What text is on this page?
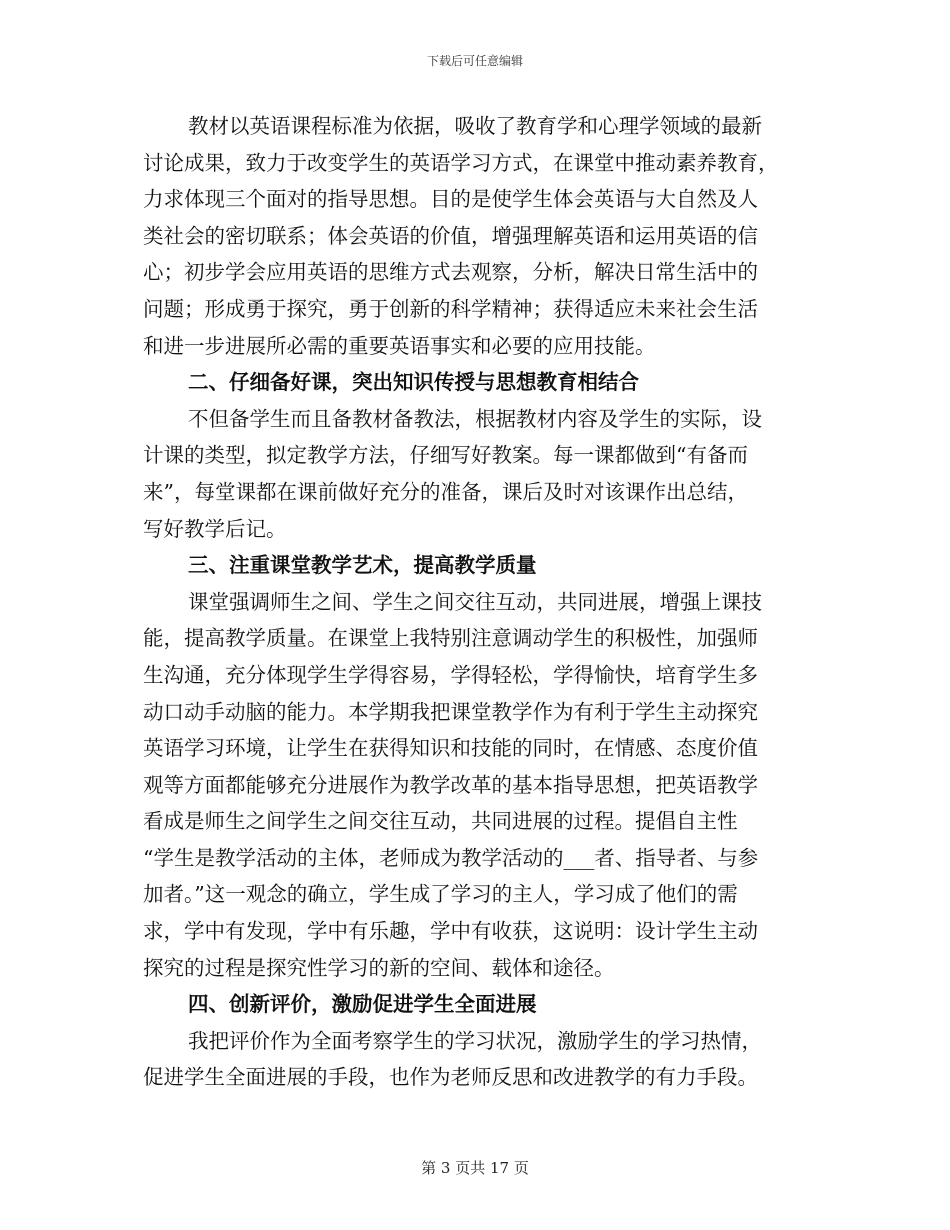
下载后可任意编辑
教材以英语课程标准为依据，吸收了教育学和心理学领域的最新
讨论成果，致力于改变学生的英语学习方式，在课堂中推动素养教育，
力求体现三个面对的指导思想。目的是使学生体会英语与大自然及人
类社会的密切联系；体会英语的价值，增强理解英语和运用英语的信
心；初步学会应用英语的思维方式去观察，分析，解决日常生活中的
问题；形成勇于探究，勇于创新的科学精神；获得适应未来社会生活
和进一步进展所必需的重要英语事实和必要的应用技能。
二、仔细备好课，突出知识传授与思想教育相结合
不但备学生而且备教材备教法，根据教材内容及学生的实际，设
计课的类型，拟定教学方法，仔细写好教案。每一课都做到“有备而
来”，每堂课都在课前做好充分的准备，课后及时对该课作出总结，
写好教学后记。
三、注重课堂教学艺术，提高教学质量
课堂强调师生之间、学生之间交往互动，共同进展，增强上课技
能，提高教学质量。在课堂上我特别注意调动学生的积极性，加强师
生沟通，充分体现学生学得容易，学得轻松，学得愉快，培育学生多
动口动手动脑的能力。本学期我把课堂教学作为有利于学生主动探究
英语学习环境，让学生在获得知识和技能的同时，在情感、态度价值
观等方面都能够充分进展作为教学改革的基本指导思想，把英语教学
看成是师生之间学生之间交往互动，共同进展的过程。提倡自主性
“学生是教学活动的主体，老师成为教学活动的___者、指导者、与参
加者。”这一观念的确立，学生成了学习的主人，学习成了他们的需
求，学中有发现，学中有乐趣，学中有收获，这说明：设计学生主动
探究的过程是探究性学习的新的空间、载体和途径。
四、创新评价，激励促进学生全面进展
我把评价作为全面考察学生的学习状况，激励学生的学习热情，
促进学生全面进展的手段，也作为老师反思和改进教学的有力手段。
第 3 页共 17 页
